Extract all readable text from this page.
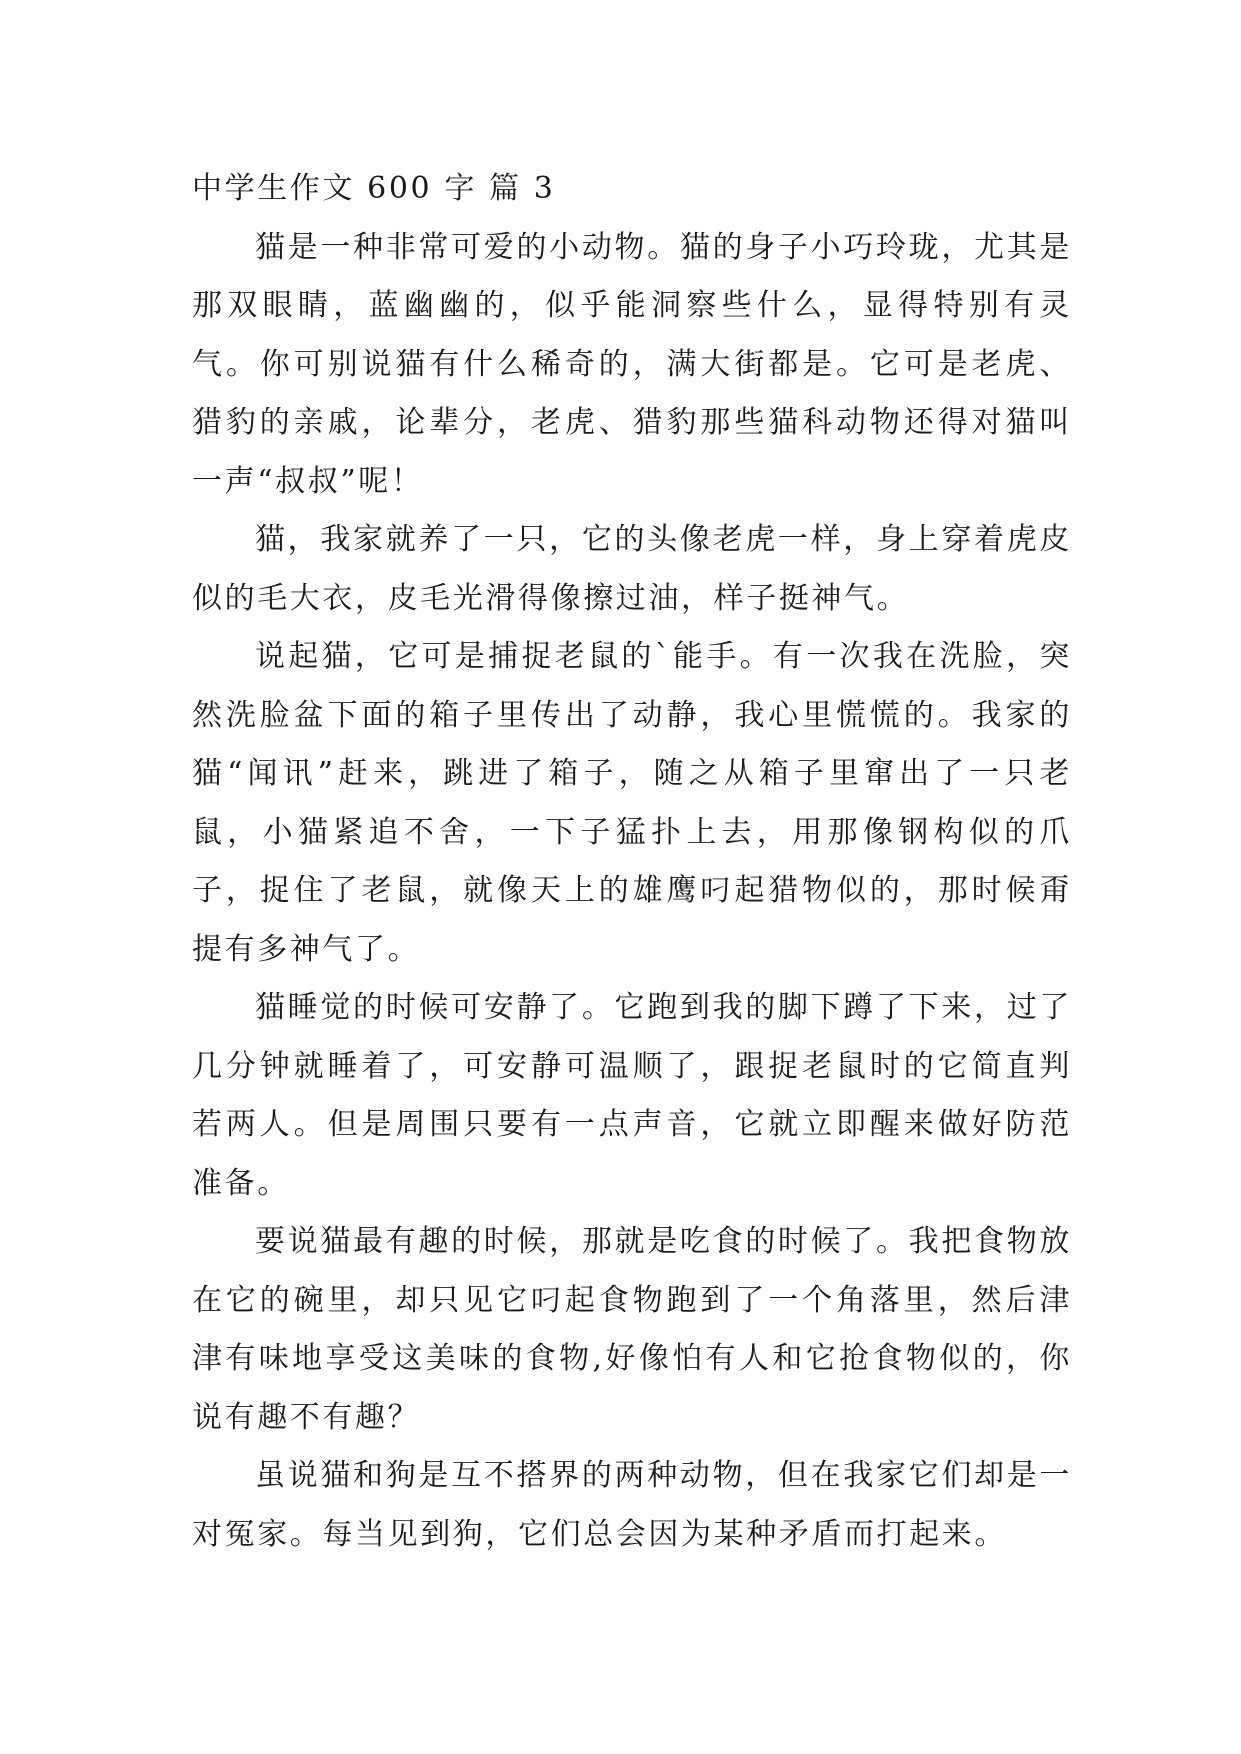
中学生作文 600 字 篇 3

猫是一种非常可爱的小动物。猫的身子小巧玲珑，尤其是那双眼睛，蓝幽幽的，似乎能洞察些什么，显得特别有灵气。你可别说猫有什么稀奇的，满大街都是。它可是老虎、猎豹的亲戚，论辈分，老虎、猎豹那些猫科动物还得对猫叫一声“叔叔”呢！

猫，我家就养了一只，它的头像老虎一样，身上穿着虎皮似的毛大衣，皮毛光滑得像擦过油，样子挺神气。

说起猫，它可是捕捉老鼠的`能手。有一次我在洗脸，突然洗脸盆下面的箱子里传出了动静，我心里慌慌的。我家的猫“闻讯”赶来，跳进了箱子，随之从箱子里窜出了一只老鼠，小猫紧追不舍，一下子猛扑上去，用那像钢构似的爪子，捉住了老鼠，就像天上的雄鹰叼起猎物似的，那时候甭提有多神气了。

猫睡觉的时候可安静了。它跑到我的脚下蹲了下来，过了几分钟就睡着了，可安静可温顺了，跟捉老鼠时的它简直判若两人。但是周围只要有一点声音，它就立即醒来做好防范准备。

要说猫最有趣的时候，那就是吃食的时候了。我把食物放在它的碗里，却只见它叼起食物跑到了一个角落里，然后津津有味地享受这美味的食物,好像怕有人和它抢食物似的，你说有趣不有趣？

虽说猫和狗是互不搭界的两种动物，但在我家它们却是一对冤家。每当见到狗，它们总会因为某种矛盾而打起来。
